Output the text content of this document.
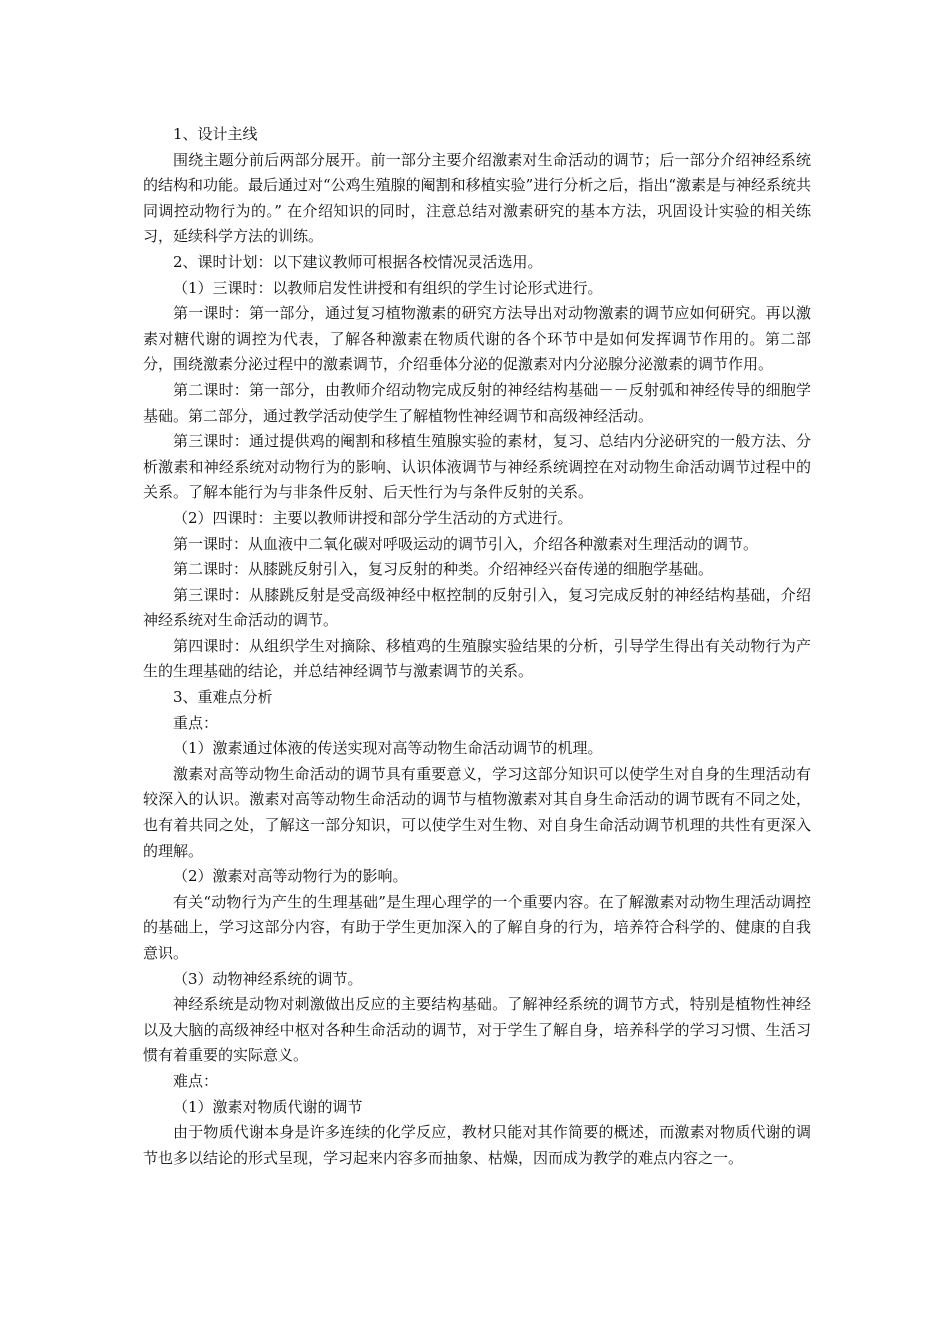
1、设计主线

围绕主题分前后两部分展开。前一部分主要介绍激素对生命活动的调节；后一部分介绍神经系统的结构和功能。最后通过对“公鸡生殖腺的阉割和移植实验”进行分析之后，指出“激素是与神经系统共同调控动物行为的。” 在介绍知识的同时，注意总结对激素研究的基本方法，巩固设计实验的相关练习，延续科学方法的训练。

2、课时计划：以下建议教师可根据各校情况灵活选用。

（1）三课时：以教师启发性讲授和有组织的学生讨论形式进行。

第一课时：第一部分，通过复习植物激素的研究方法导出对动物激素的调节应如何研究。再以激素对糖代谢的调控为代表，了解各种激素在物质代谢的各个环节中是如何发挥调节作用的。第二部分，围绕激素分泌过程中的激素调节，介绍垂体分泌的促激素对内分泌腺分泌激素的调节作用。

第二课时：第一部分，由教师介绍动物完成反射的神经结构基础－－反射弧和神经传导的细胞学基础。第二部分，通过教学活动使学生了解植物性神经调节和高级神经活动。

第三课时：通过提供鸡的阉割和移植生殖腺实验的素材，复习、总结内分泌研究的一般方法、分析激素和神经系统对动物行为的影响、认识体液调节与神经系统调控在对动物生命活动调节过程中的关系。了解本能行为与非条件反射、后天性行为与条件反射的关系。

（2）四课时：主要以教师讲授和部分学生活动的方式进行。

第一课时：从血液中二氧化碳对呼吸运动的调节引入，介绍各种激素对生理活动的调节。

第二课时：从膝跳反射引入，复习反射的种类。介绍神经兴奋传递的细胞学基础。

第三课时：从膝跳反射是受高级神经中枢控制的反射引入，复习完成反射的神经结构基础，介绍神经系统对生命活动的调节。

第四课时：从组织学生对摘除、移植鸡的生殖腺实验结果的分析，引导学生得出有关动物行为产生的生理基础的结论，并总结神经调节与激素调节的关系。

3、重难点分析

重点：

（1）激素通过体液的传送实现对高等动物生命活动调节的机理。

激素对高等动物生命活动的调节具有重要意义，学习这部分知识可以使学生对自身的生理活动有较深入的认识。激素对高等动物生命活动的调节与植物激素对其自身生命活动的调节既有不同之处，也有着共同之处，了解这一部分知识，可以使学生对生物、对自身生命活动调节机理的共性有更深入的理解。

（2）激素对高等动物行为的影响。

有关“动物行为产生的生理基础”是生理心理学的一个重要内容。在了解激素对动物生理活动调控的基础上，学习这部分内容，有助于学生更加深入的了解自身的行为，培养符合科学的、健康的自我意识。

（3）动物神经系统的调节。

神经系统是动物对刺激做出反应的主要结构基础。了解神经系统的调节方式，特别是植物性神经以及大脑的高级神经中枢对各种生命活动的调节，对于学生了解自身，培养科学的学习习惯、生活习惯有着重要的实际意义。

难点：

（1）激素对物质代谢的调节

由于物质代谢本身是许多连续的化学反应，教材只能对其作简要的概述，而激素对物质代谢的调节也多以结论的形式呈现，学习起来内容多而抽象、枯燥，因而成为教学的难点内容之一。
